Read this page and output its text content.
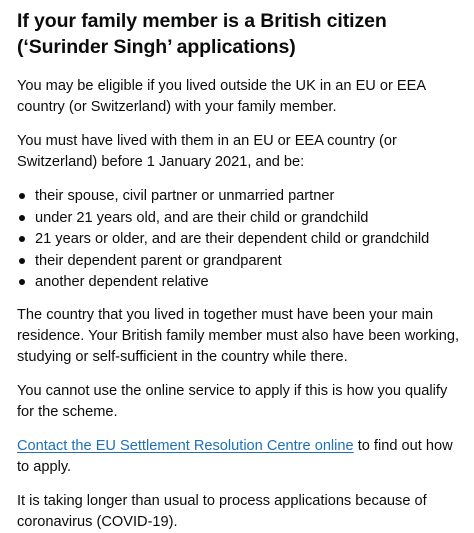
If your family member is a British citizen (‘Surinder Singh’ applications)

You may be eligible if you lived outside the UK in an EU or EEA country (or Switzerland) with your family member.

You must have lived with them in an EU or EEA country (or Switzerland) before 1 January 2021, and be:

their spouse, civil partner or unmarried partner
under 21 years old, and are their child or grandchild
21 years or older, and are their dependent child or grandchild
their dependent parent or grandparent
another dependent relative

The country that you lived in together must have been your main residence. Your British family member must also have been working, studying or self-sufficient in the country while there.

You cannot use the online service to apply if this is how you qualify for the scheme.

Contact the EU Settlement Resolution Centre online to find out how to apply.

It is taking longer than usual to process applications because of coronavirus (COVID-19).
